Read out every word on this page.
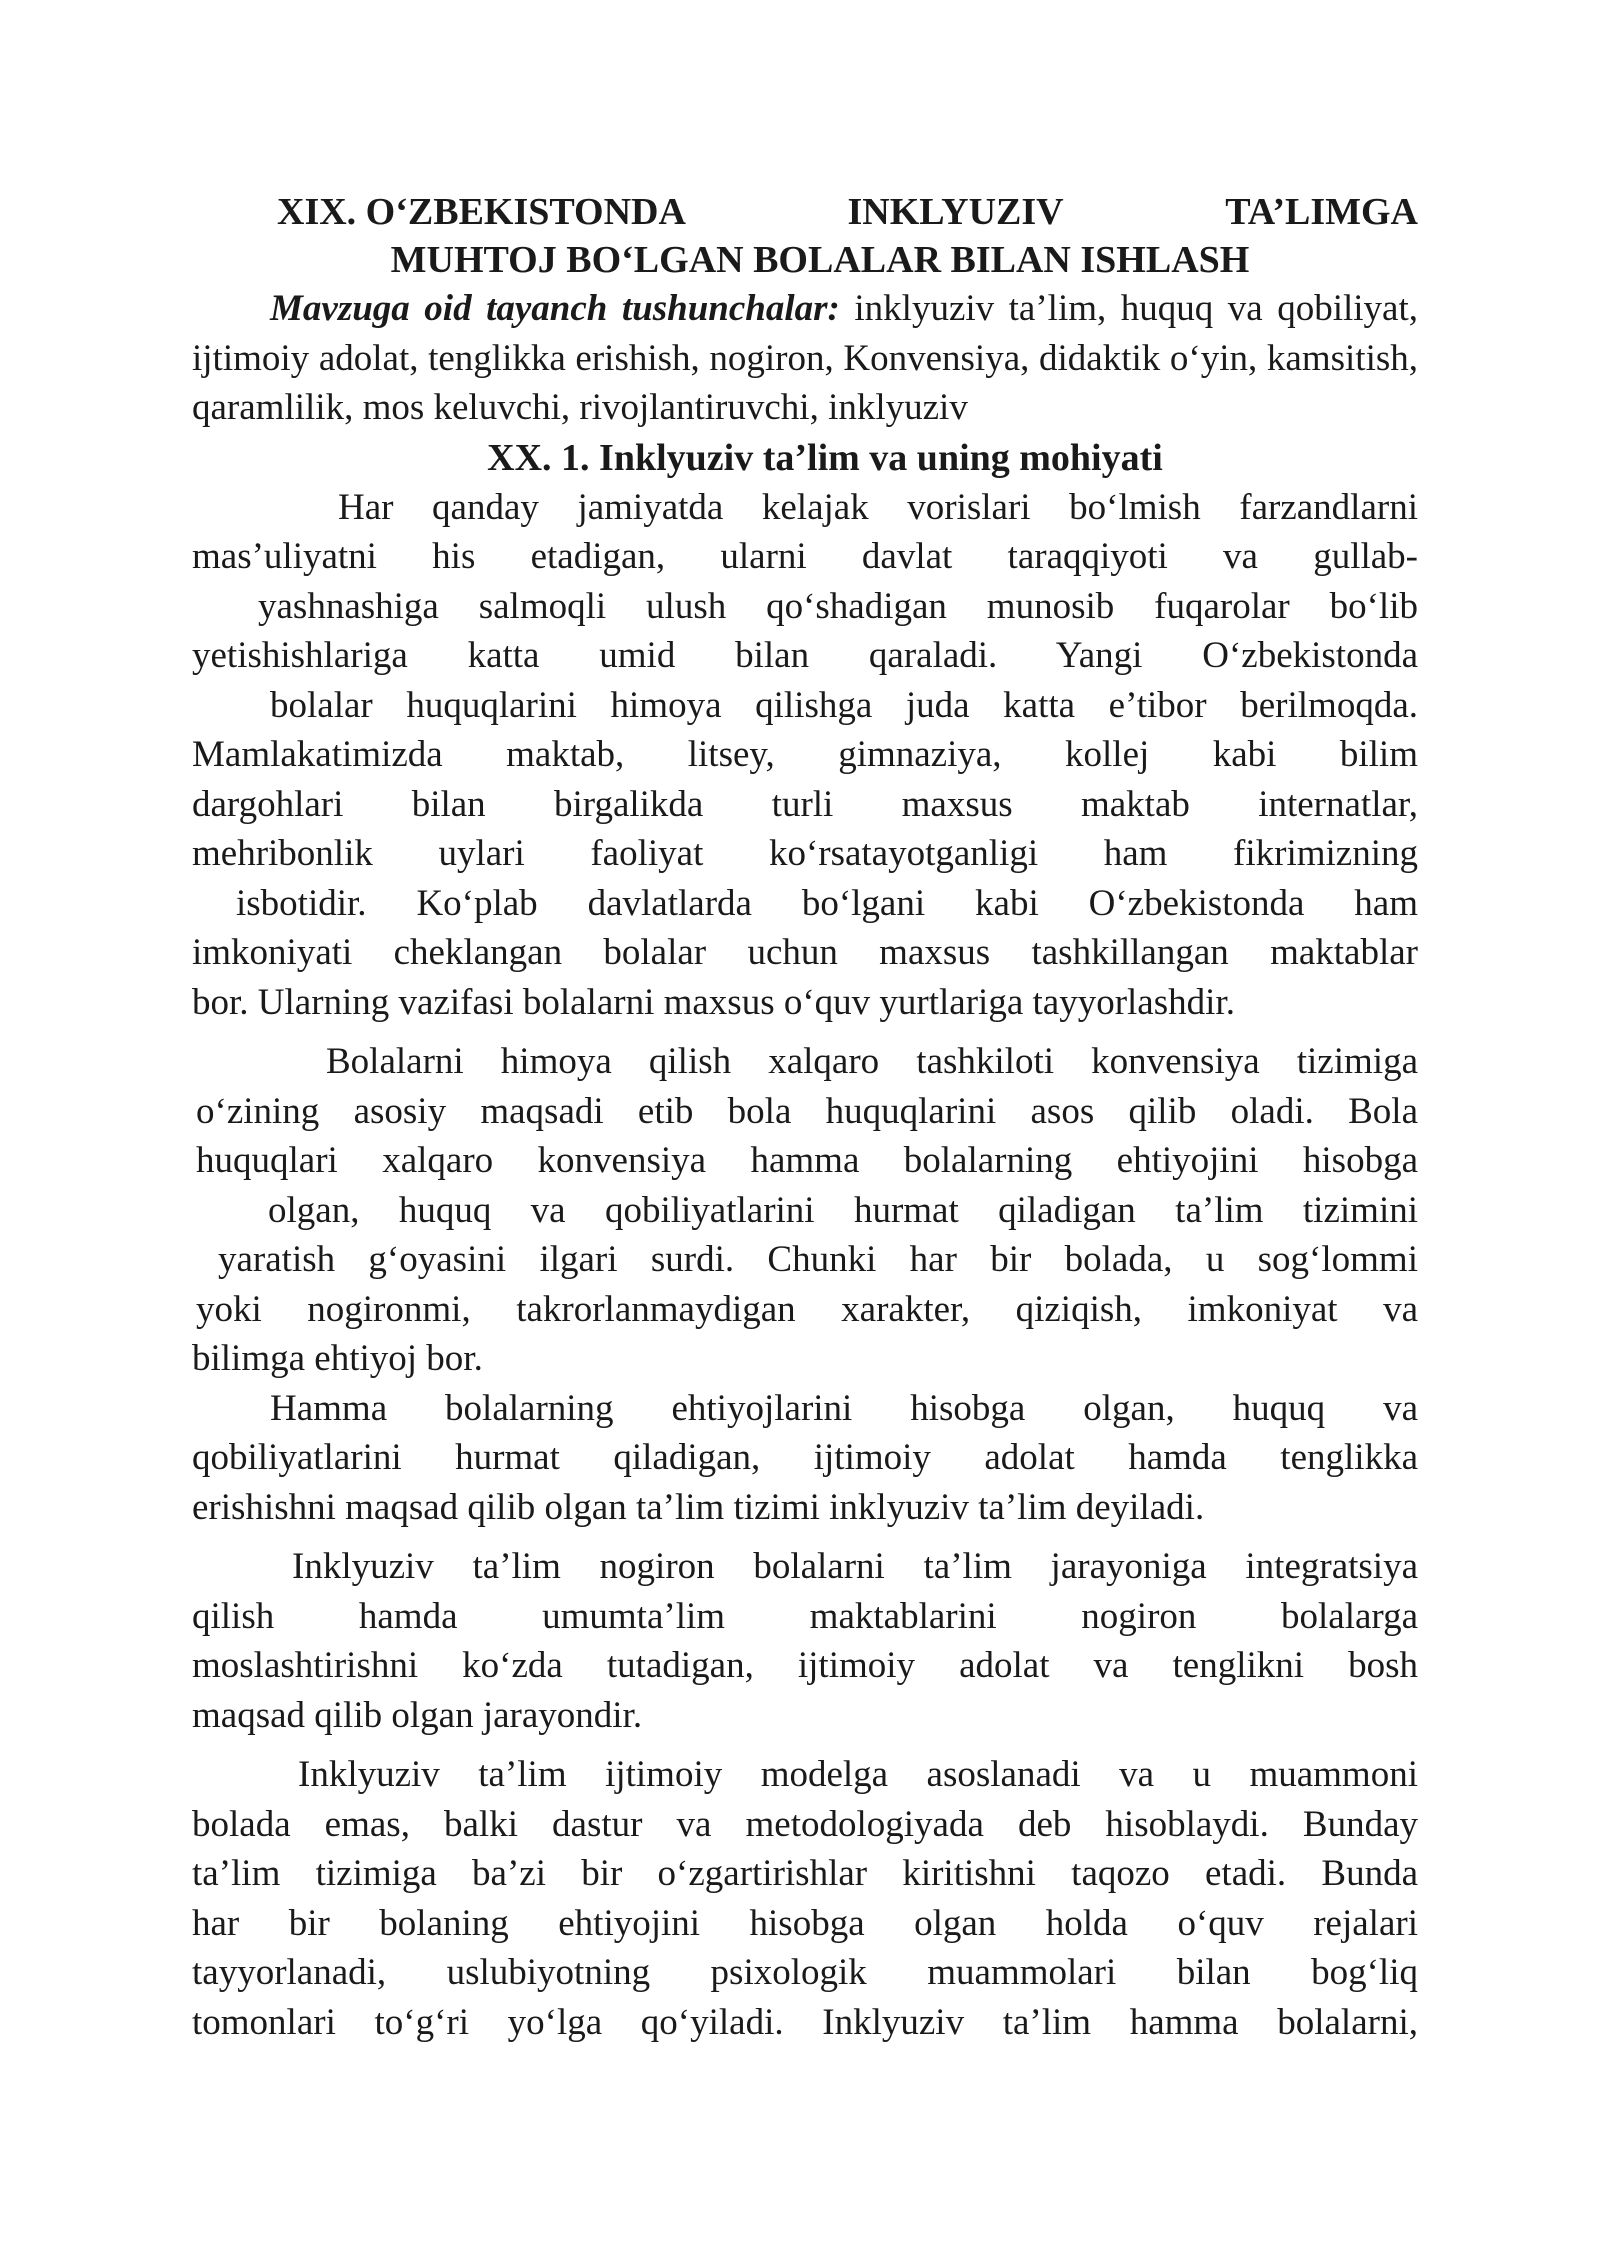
XIX. O‘ZBEKISTONDA	INKLYUZIV	TA’LIMGA
MUHTOJ BO‘LGAN BOLALAR BILAN ISHLASH

Mavzuga oid tayanch tushunchalar: inklyuziv ta’lim, huquq va qobiliyat, ijtimoiy adolat, tenglikka erishish, nogiron, Konvensiya, didaktik o‘yin, kamsitish, qaramlilik, mos keluvchi, rivojlantiruvchi, inklyuziv

XX. 1. Inklyuziv ta’lim va uning mohiyati
Har qanday jamiyatda kelajak vorislari bo‘lmish farzandlarni
mas’uliyatni his etadigan, ularni davlat taraqqiyoti va gullab-
yashnashiga salmoqli ulush qo‘shadigan munosib fuqarolar bo‘lib
yetishishlariga katta umid bilan qaraladi. Yangi O‘zbekistonda
bolalar huquqlarini himoya qilishga juda katta e’tibor berilmoqda.
Mamlakatimizda maktab, litsey, gimnaziya, kollej kabi bilim
dargohlari bilan birgalikda turli maxsus maktab internatlar,
mehribonlik uylari faoliyat ko‘rsatayotganligi ham fikrimizning
isbotidir. Ko‘plab davlatlarda bo‘lgani kabi O‘zbekistonda ham
imkoniyati cheklangan bolalar uchun maxsus tashkillangan maktablar
bor. Ularning vazifasi bolalarni maxsus o‘quv yurtlariga tayyorlashdir.
Bolalarni himoya qilish xalqaro tashkiloti konvensiya tizimiga
o‘zining asosiy maqsadi etib bola huquqlarini asos qilib oladi. Bola
huquqlari xalqaro konvensiya hamma bolalarning ehtiyojini hisobga
olgan, huquq va qobiliyatlarini hurmat qiladigan ta’lim tizimini
yaratish g‘oyasini ilgari surdi. Chunki har bir bolada, u sog‘lommi
yoki nogironmi, takrorlanmaydigan xarakter, qiziqish, imkoniyat va
bilimga ehtiyoj bor.
Hamma bolalarning ehtiyojlarini hisobga olgan, huquq va
qobiliyatlarini hurmat qiladigan, ijtimoiy adolat hamda tenglikka
erishishni maqsad qilib olgan ta’lim tizimi inklyuziv ta’lim deyiladi.
Inklyuziv ta’lim nogiron bolalarni ta’lim jarayoniga integratsiya
qilish hamda umumta’lim maktablarini nogiron bolalarga
moslashtirishni ko‘zda tutadigan, ijtimoiy adolat va tenglikni bosh
maqsad qilib olgan jarayondir.
Inklyuziv ta’lim ijtimoiy modelga asoslanadi va u muammoni
bolada emas, balki dastur va metodologiyada deb hisoblaydi. Bunday
ta’lim tizimiga ba’zi bir o‘zgartirishlar kiritishni taqozo etadi. Bunda
har bir bolaning ehtiyojini hisobga olgan holda o‘quv rejalari
tayyorlanadi, uslubiyotning psixologik muammolari bilan bog‘liq
tomonlari to‘g‘ri yo‘lga qo‘yiladi. Inklyuziv ta’lim hamma bolalarni,
